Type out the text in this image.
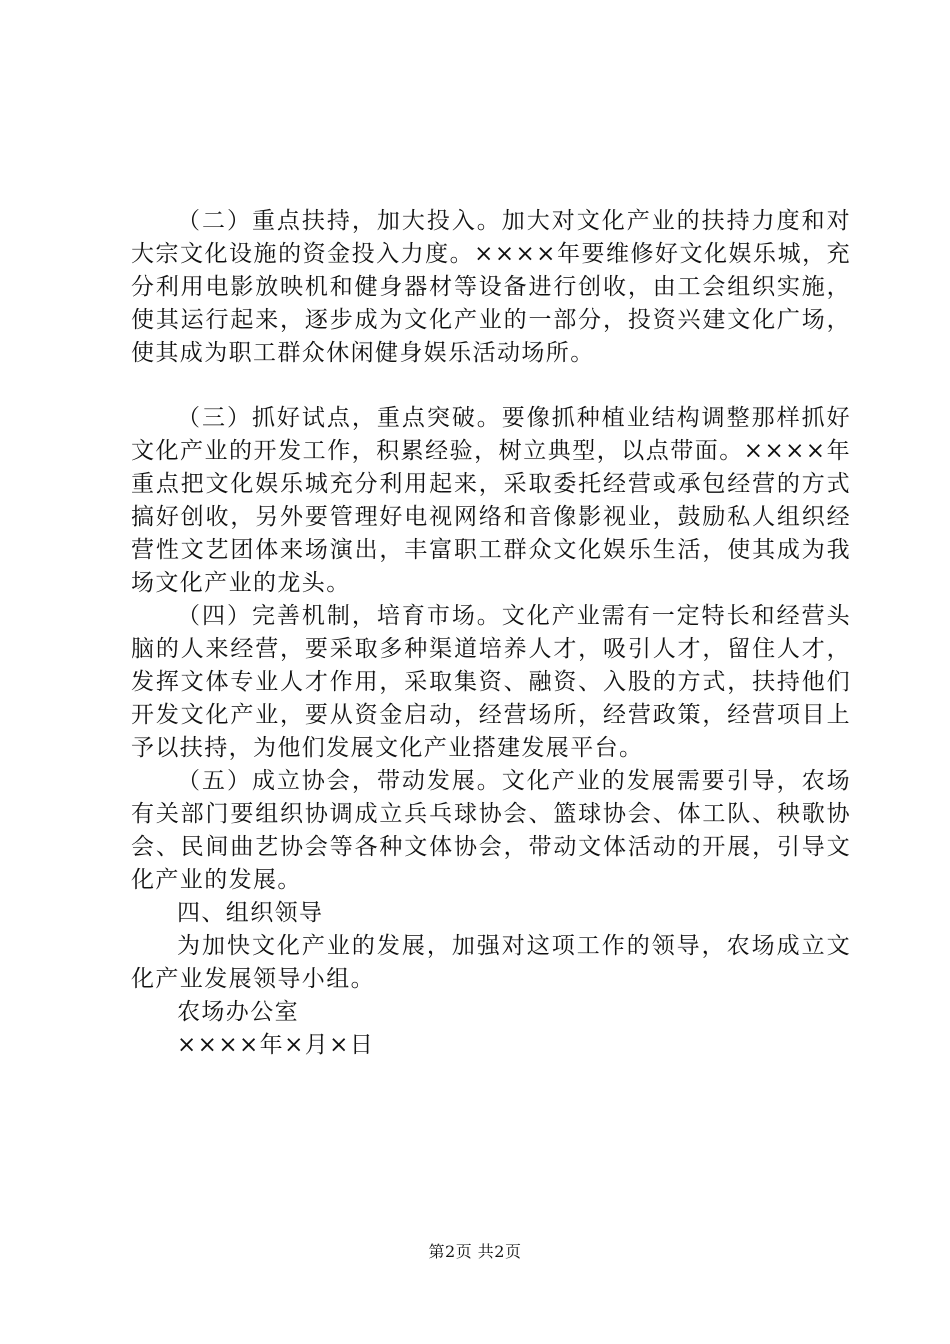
（二）重点扶持，加大投入。加大对文化产业的扶持力度和对大宗文化设施的资金投入力度。××××年要维修好文化娱乐城，充分利用电影放映机和健身器材等设备进行创收，由工会组织实施，使其运行起来，逐步成为文化产业的一部分，投资兴建文化广场，使其成为职工群众休闲健身娱乐活动场所。

（三）抓好试点，重点突破。要像抓种植业结构调整那样抓好文化产业的开发工作，积累经验，树立典型，以点带面。××××年重点把文化娱乐城充分利用起来，采取委托经营或承包经营的方式搞好创收，另外要管理好电视网络和音像影视业，鼓励私人组织经营性文艺团体来场演出，丰富职工群众文化娱乐生活，使其成为我场文化产业的龙头。

（四）完善机制，培育市场。文化产业需有一定特长和经营头脑的人来经营，要采取多种渠道培养人才，吸引人才，留住人才，发挥文体专业人才作用，采取集资、融资、入股的方式，扶持他们开发文化产业，要从资金启动，经营场所，经营政策，经营项目上予以扶持，为他们发展文化产业搭建发展平台。

（五）成立协会，带动发展。文化产业的发展需要引导，农场有关部门要组织协调成立兵乓球协会、篮球协会、体工队、秧歌协会、民间曲艺协会等各种文体协会，带动文体活动的开展，引导文化产业的发展。

四、组织领导

为加快文化产业的发展，加强对这项工作的领导，农场成立文化产业发展领导小组。

农场办公室

××××年×月×日

第2页 共2页
